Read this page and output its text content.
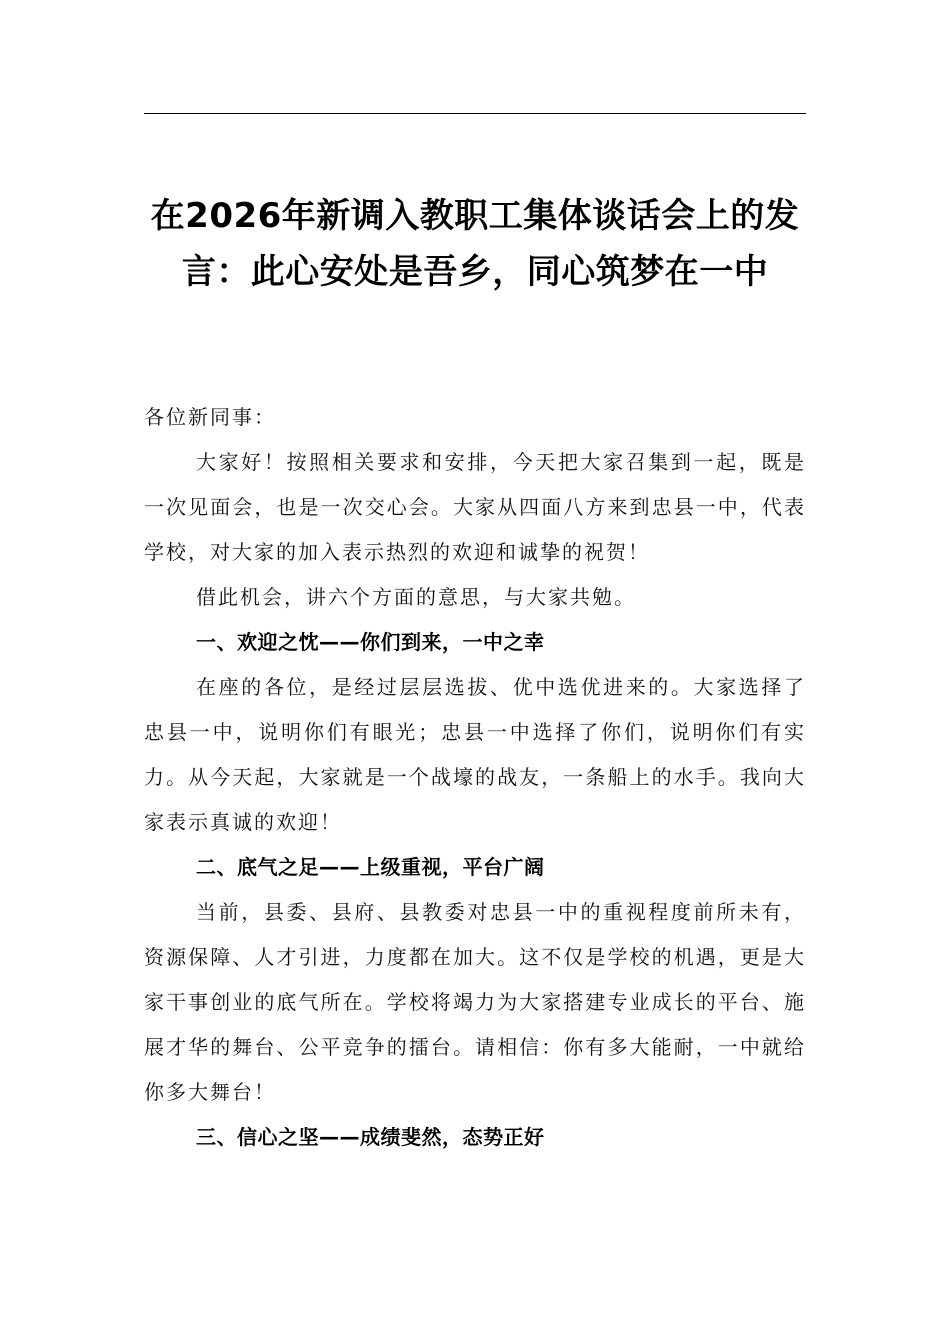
在2026年新调入教职工集体谈话会上的发
言：此心安处是吾乡，同心筑梦在一中

各位新同事：

大家好！按照相关要求和安排，今天把大家召集到一起，既是一次见面会，也是一次交心会。大家从四面八方来到忠县一中，代表学校，对大家的加入表示热烈的欢迎和诚挚的祝贺！

借此机会，讲六个方面的意思，与大家共勉。

一、欢迎之忱——你们到来，一中之幸

在座的各位，是经过层层选拔、优中选优进来的。大家选择了忠县一中，说明你们有眼光；忠县一中选择了你们，说明你们有实力。从今天起，大家就是一个战壕的战友，一条船上的水手。我向大家表示真诚的欢迎！

二、底气之足——上级重视，平台广阔

当前，县委、县府、县教委对忠县一中的重视程度前所未有，资源保障、人才引进，力度都在加大。这不仅是学校的机遇，更是大家干事创业的底气所在。学校将竭力为大家搭建专业成长的平台、施展才华的舞台、公平竞争的擂台。请相信：你有多大能耐，一中就给你多大舞台！

三、信心之坚——成绩斐然，态势正好
